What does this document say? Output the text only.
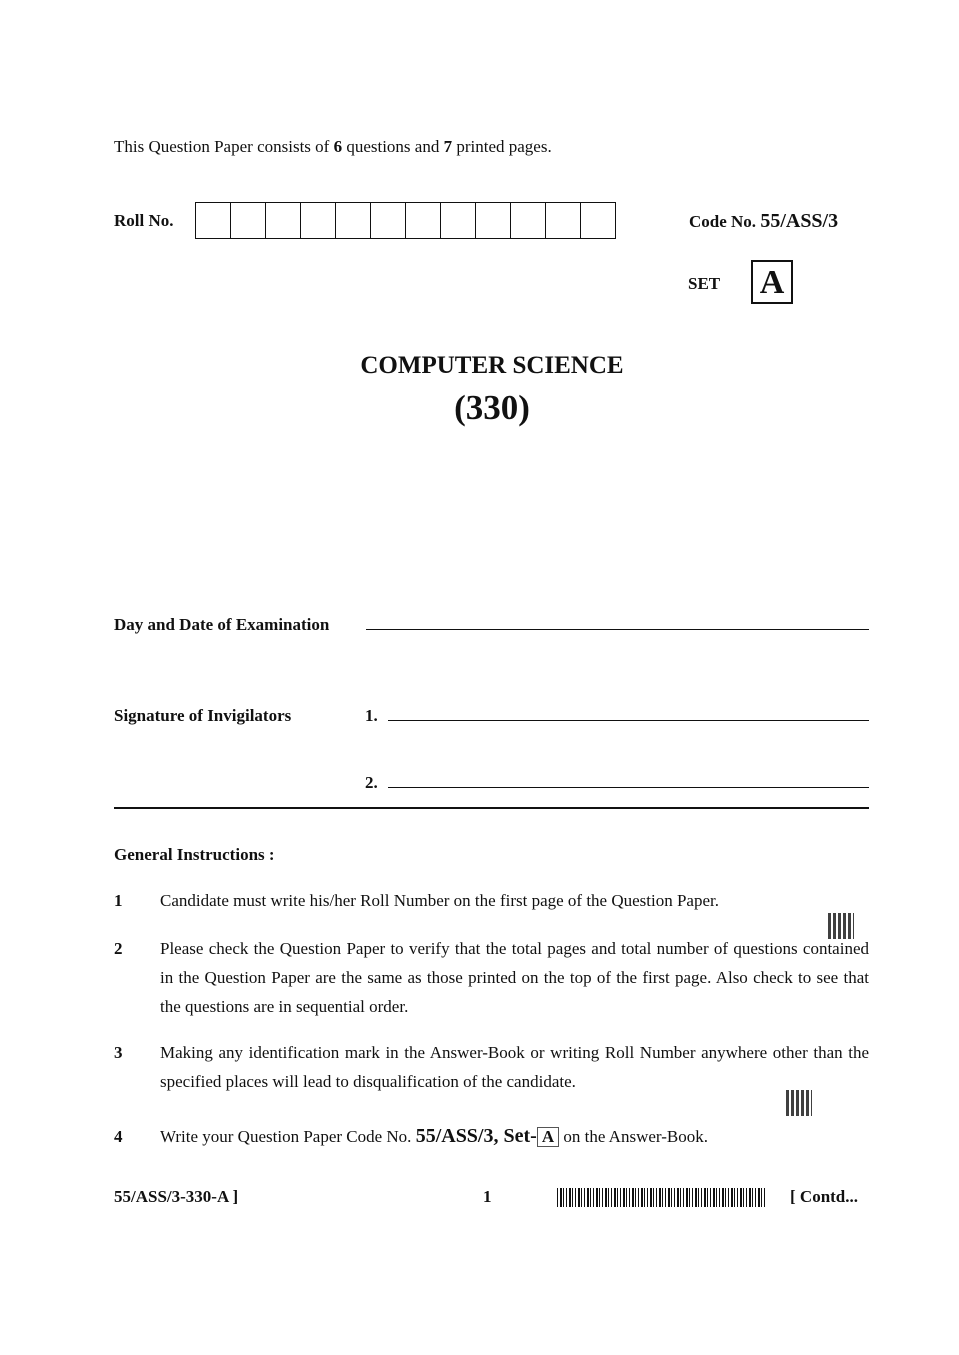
This Question Paper consists of 6 questions and 7 printed pages.
Roll No.	Code No. 55/ASS/3
SET A
COMPUTER SCIENCE
(330)
Day and Date of Examination
Signature of Invigilators	1.
2.
General Instructions :
1	Candidate must write his/her Roll Number on the first page of the Question Paper.
2	Please check the Question Paper to verify that the total pages and total number of questions contained in the Question Paper are the same as those printed on the top of the first page. Also check to see that the questions are in sequential order.
3	Making any identification mark in the Answer-Book or writing Roll Number anywhere other than the specified places will lead to disqualification of the candidate.
4	Write your Question Paper Code No. 55/ASS/3, Set- A on the Answer-Book.
55/ASS/3-330-A ]	1	[ Contd...
